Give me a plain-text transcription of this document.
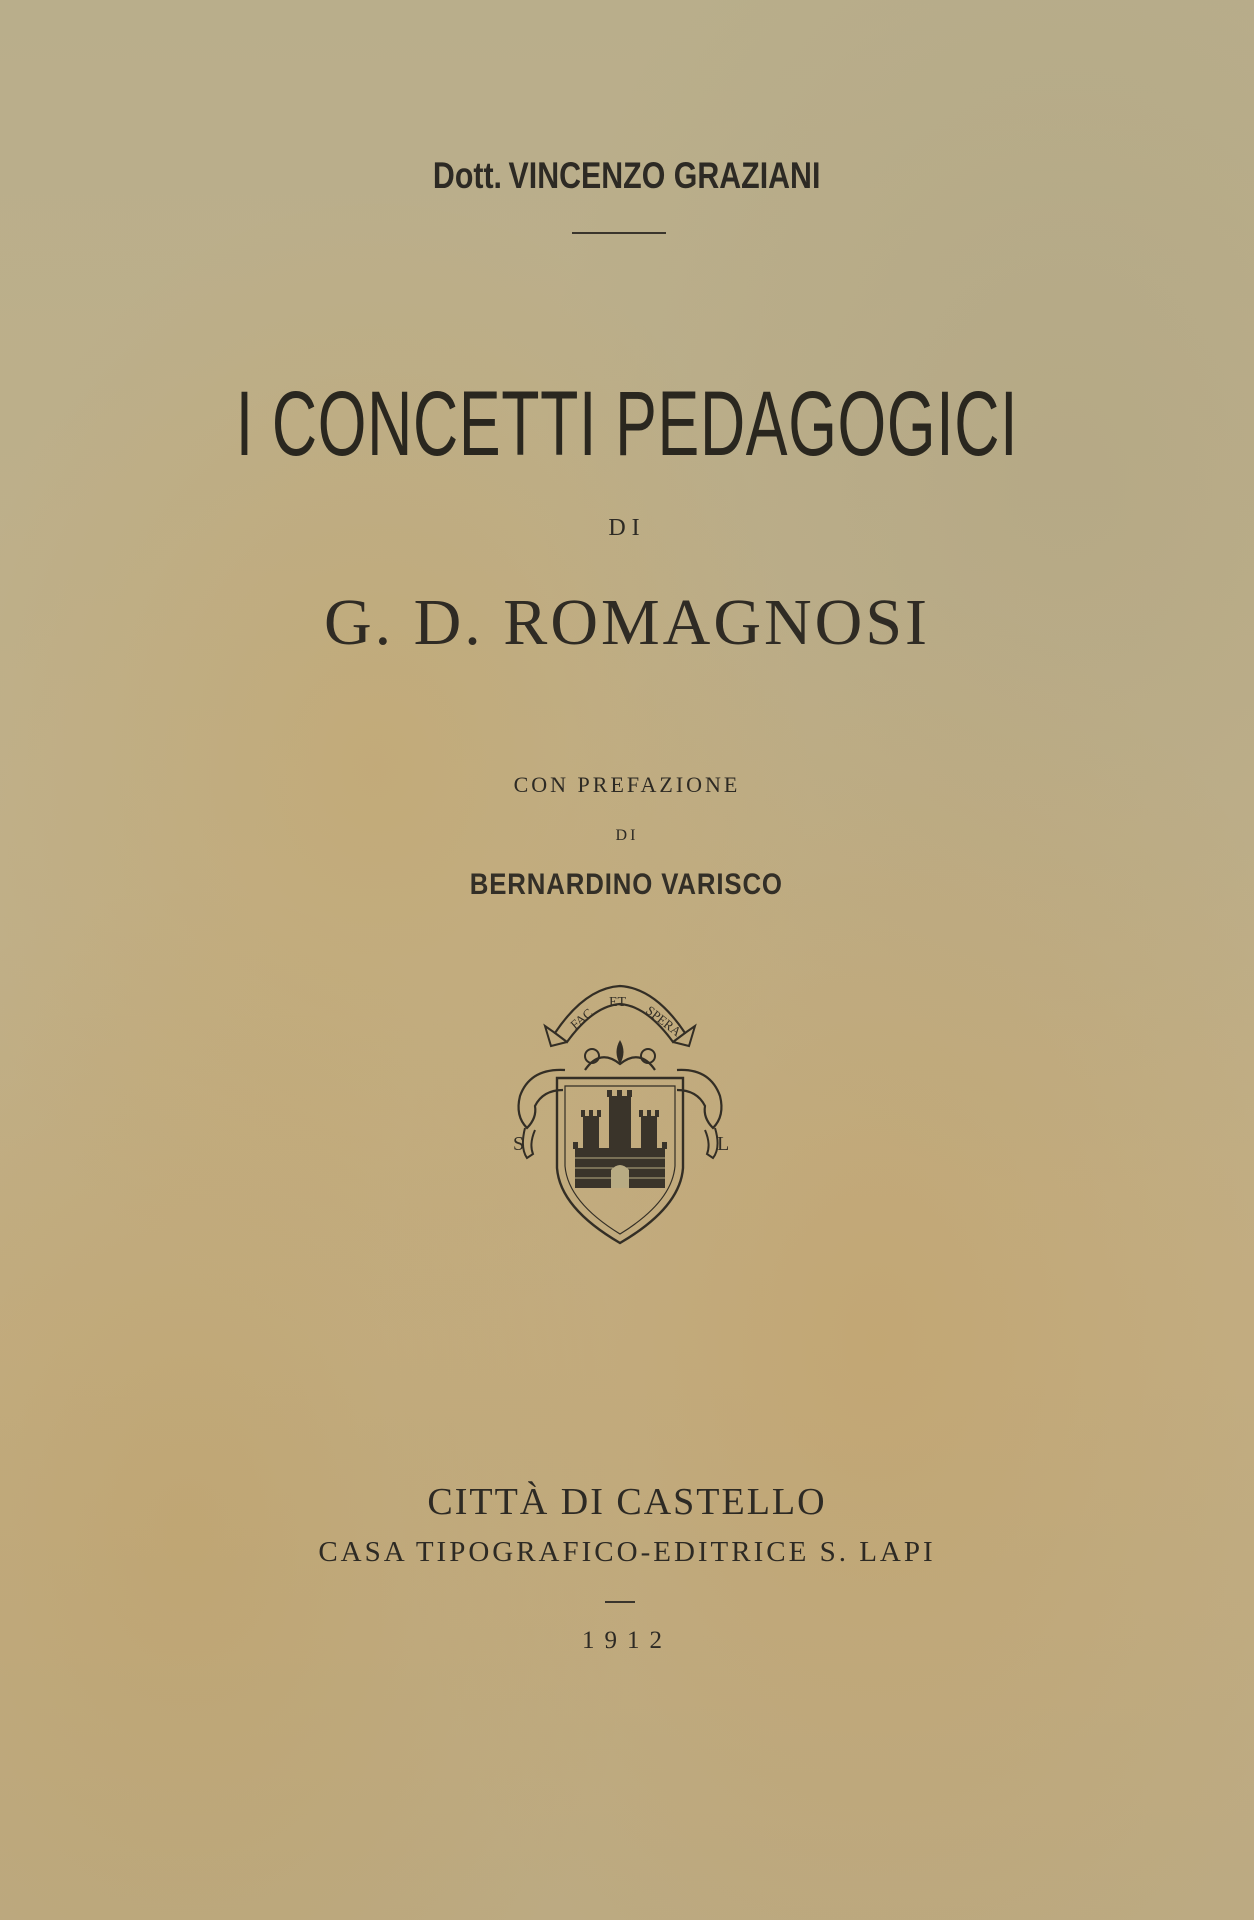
Dott. VINCENZO GRAZIANI
I CONCETTI PEDAGOGICI
DI
G. D. ROMAGNOSI
CON PREFAZIONE
DI
BERNARDINO VARISCO
FAC
ET
SPERA
S	L
CITTÀ DI CASTELLO
CASA TIPOGRAFICO-EDITRICE S. LAPI
1912
